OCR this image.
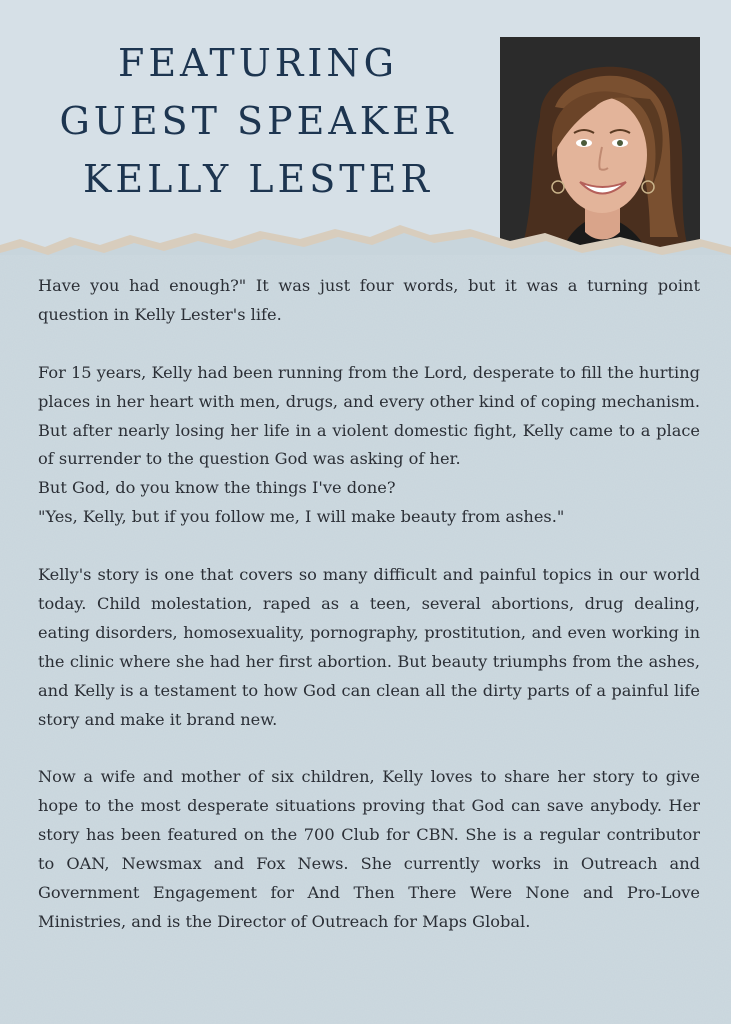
FEATURING
GUEST SPEAKER
KELLY LESTER

Have you had enough?" It was just four words, but it was a turning point question in Kelly Lester's life.

For 15 years, Kelly had been running from the Lord, desperate to fill the hurting places in her heart with men, drugs, and every other kind of coping mechanism. But after nearly losing her life in a violent domestic fight, Kelly came to a place of surrender to the question God was asking of her.

But God, do you know the things I've done?

"Yes, Kelly, but if you follow me, I will make beauty from ashes."

Kelly's story is one that covers so many difficult and painful topics in our world today. Child molestation, raped as a teen, several abortions, drug dealing, eating disorders, homosexuality, pornography, prostitution, and even working in the clinic where she had her first abortion. But beauty triumphs from the ashes, and Kelly is a testament to how God can clean all the dirty parts of a painful life story and make it brand new.

Now a wife and mother of six children, Kelly loves to share her story to give hope to the most desperate situations proving that God can save anybody. Her story has been featured on the 700 Club for CBN. She is a regular contributor to OAN, Newsmax and Fox News. She currently works in Outreach and Government Engagement for And Then There Were None and Pro-Love Ministries, and is the Director of Outreach for Maps Global.
